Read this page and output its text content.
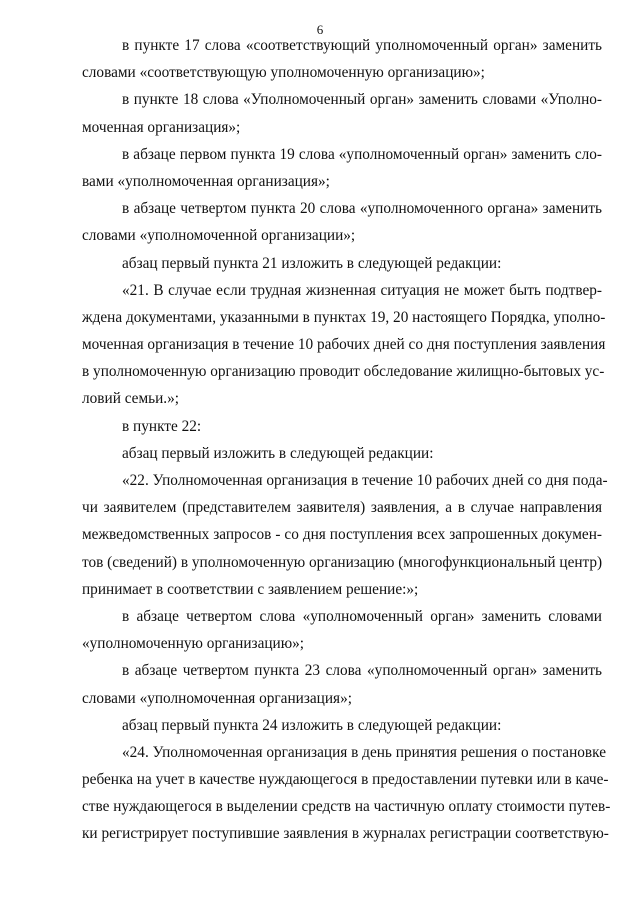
6
в пункте 17 слова «соответствующий уполномоченный орган» заменить
словами «соответствующую уполномоченную организацию»;
в пункте 18 слова «Уполномоченный орган» заменить словами «Уполно-
моченная организация»;
в абзаце первом пункта 19 слова «уполномоченный орган» заменить сло-
вами «уполномоченная организация»;
в абзаце четвертом пункта 20 слова «уполномоченного органа» заменить
словами «уполномоченной организации»;
абзац первый пункта 21 изложить в следующей редакции:
«21. В случае если трудная жизненная ситуация не может быть подтвер-
ждена документами, указанными в пунктах 19, 20 настоящего Порядка, уполно-
моченная организация в течение 10 рабочих дней со дня поступления заявления
в уполномоченную организацию проводит обследование жилищно-бытовых ус-
ловий семьи.»;
в пункте 22:
абзац первый изложить в следующей редакции:
«22. Уполномоченная организация в течение 10 рабочих дней со дня пода-
чи заявителем (представителем заявителя) заявления, а в случае направления
межведомственных запросов - со дня поступления всех запрошенных докумен-
тов (сведений) в уполномоченную организацию (многофункциональный центр)
принимает в соответствии с заявлением решение:»;
в абзаце четвертом слова «уполномоченный орган» заменить словами
«уполномоченную организацию»;
в абзаце четвертом пункта 23 слова «уполномоченный орган» заменить
словами «уполномоченная организация»;
абзац первый пункта 24 изложить в следующей редакции:
«24. Уполномоченная организация в день принятия решения о постановке
ребенка на учет в качестве нуждающегося в предоставлении путевки или в каче-
стве нуждающегося в выделении средств на частичную оплату стоимости путев-
ки регистрирует поступившие заявления в журналах регистрации соответствую-
